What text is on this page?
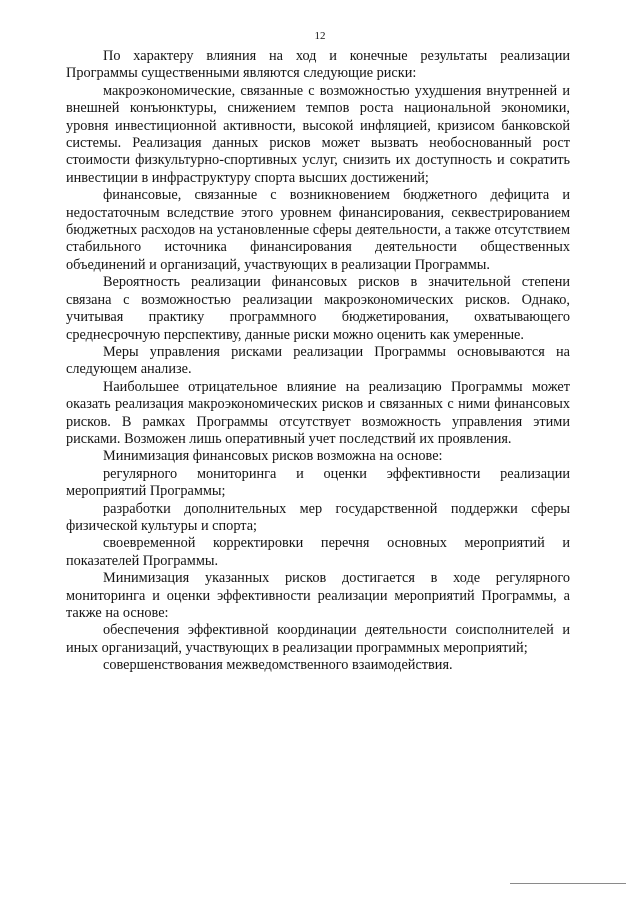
12

По характеру влияния на ход и конечные результаты реализации Программы существенными являются следующие риски:

макроэкономические, связанные с возможностью ухудшения внутренней и внешней конъюнктуры, снижением темпов роста национальной экономики, уровня инвестиционной активности, высокой инфляцией, кризисом банковской системы. Реализация данных рисков может вызвать необоснованный рост стоимости физкультурно-спортивных услуг, снизить их доступность и сократить инвестиции в инфраструктуру спорта высших достижений;

финансовые, связанные с возникновением бюджетного дефицита и недостаточным вследствие этого уровнем финансирования, секвестрированием бюджетных расходов на установленные сферы деятельности, а также отсутствием стабильного источника финансирования деятельности общественных объединений и организаций, участвующих в реализации Программы.

Вероятность реализации финансовых рисков в значительной степени связана с возможностью реализации макроэкономических рисков. Однако, учитывая практику программного бюджетирования, охватывающего среднесрочную перспективу, данные риски можно оценить как умеренные.

Меры управления рисками реализации Программы основываются на следующем анализе.

Наибольшее отрицательное влияние на реализацию Программы может оказать реализация макроэкономических рисков и связанных с ними финансовых рисков. В рамках Программы отсутствует возможность управления этими рисками. Возможен лишь оперативный учет последствий их проявления.

Минимизация финансовых рисков возможна на основе:

регулярного мониторинга и оценки эффективности реализации мероприятий Программы;

разработки дополнительных мер государственной поддержки сферы физической культуры и спорта;

своевременной корректировки перечня основных мероприятий и показателей Программы.

Минимизация указанных рисков достигается в ходе регулярного мониторинга и оценки эффективности реализации мероприятий Программы, а также на основе:

обеспечения эффективной координации деятельности соисполнителей и иных организаций, участвующих в реализации программных мероприятий;

совершенствования межведомственного взаимодействия.
